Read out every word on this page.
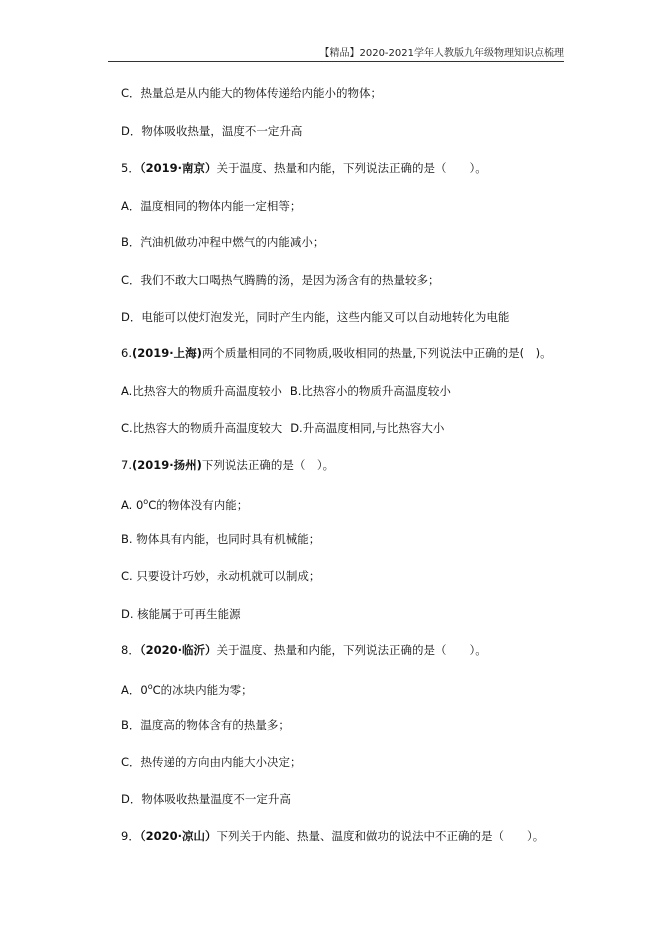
【精品】2020-2021学年人教版九年级物理知识点梳理
C．热量总是从内能大的物体传递给内能小的物体；
D．物体吸收热量，温度不一定升高
5．（2019·南京）关于温度、热量和内能，下列说法正确的是（　　）。
A．温度相同的物体内能一定相等；
B．汽油机做功冲程中燃气的内能减小；
C．我们不敢大口喝热气腾腾的汤，是因为汤含有的热量较多；
D．电能可以使灯泡发光，同时产生内能，这些内能又可以自动地转化为电能
6.(2019·上海)两个质量相同的不同物质,吸收相同的热量,下列说法中正确的是(　)。
A.比热容大的物质升高温度较小 B.比热容小的物质升高温度较小
C.比热容大的物质升高温度较大 D.升高温度相同,与比热容大小
7.(2019·扬州)下列说法正确的是（　）。
A. 0$^o$C的物体没有内能；
B. 物体具有内能，也同时具有机械能；
C. 只要设计巧妙，永动机就可以制成；
D. 核能属于可再生能源
8．（2020·临沂）关于温度、热量和内能，下列说法正确的是（　　）。
A．0$^o$C的冰块内能为零；
B．温度高的物体含有的热量多；
C．热传递的方向由内能大小决定；
D．物体吸收热量温度不一定升高
9．（2020·凉山）下列关于内能、热量、温度和做功的说法中不正确的是（　　）。
